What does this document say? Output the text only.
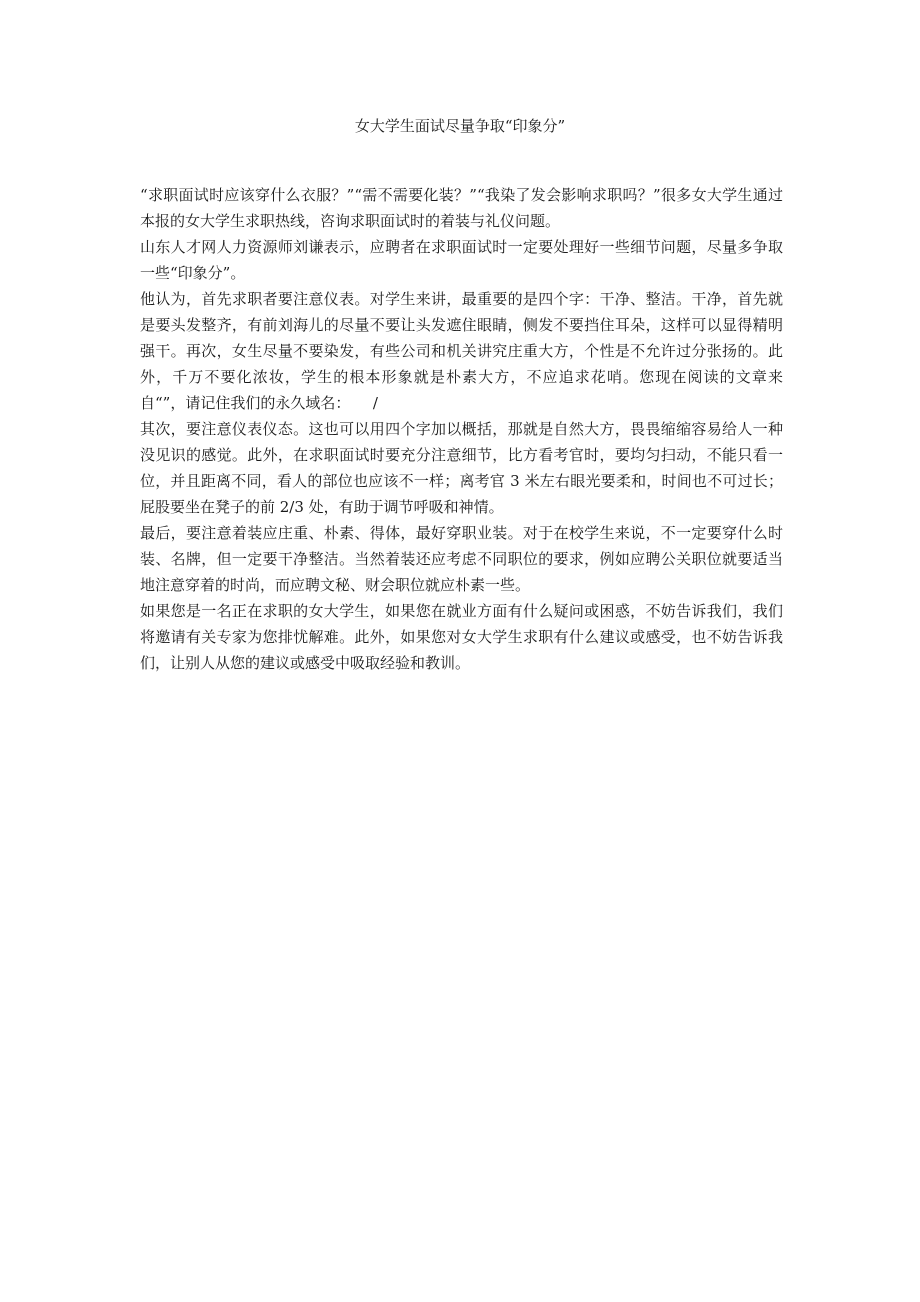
女大学生面试尽量争取“印象分”

“求职面试时应该穿什么衣服？”“需不需要化装？”“我染了发会影响求职吗？”很多女大学生通过本报的女大学生求职热线，咨询求职面试时的着装与礼仪问题。

山东人才网人力资源师刘谦表示，应聘者在求职面试时一定要处理好一些细节问题，尽量多争取一些“印象分”。

他认为，首先求职者要注意仪表。对学生来讲，最重要的是四个字：干净、整洁。干净，首先就是要头发整齐，有前刘海儿的尽量不要让头发遮住眼睛，侧发不要挡住耳朵，这样可以显得精明强干。再次，女生尽量不要染发，有些公司和机关讲究庄重大方，个性是不允许过分张扬的。此外，千万不要化浓妆，学生的根本形象就是朴素大方，不应追求花哨。您现在阅读的文章来自“”，请记住我们的永久域名：　　/

其次，要注意仪表仪态。这也可以用四个字加以概括，那就是自然大方，畏畏缩缩容易给人一种没见识的感觉。此外，在求职面试时要充分注意细节，比方看考官时，要均匀扫动，不能只看一位，并且距离不同，看人的部位也应该不一样；离考官 3 米左右眼光要柔和，时间也不可过长；屁股要坐在凳子的前 2/3 处，有助于调节呼吸和神情。

最后，要注意着装应庄重、朴素、得体，最好穿职业装。对于在校学生来说，不一定要穿什么时装、名牌，但一定要干净整洁。当然着装还应考虑不同职位的要求，例如应聘公关职位就要适当地注意穿着的时尚，而应聘文秘、财会职位就应朴素一些。

如果您是一名正在求职的女大学生，如果您在就业方面有什么疑问或困惑，不妨告诉我们，我们将邀请有关专家为您排忧解难。此外，如果您对女大学生求职有什么建议或感受，也不妨告诉我们，让别人从您的建议或感受中吸取经验和教训。
